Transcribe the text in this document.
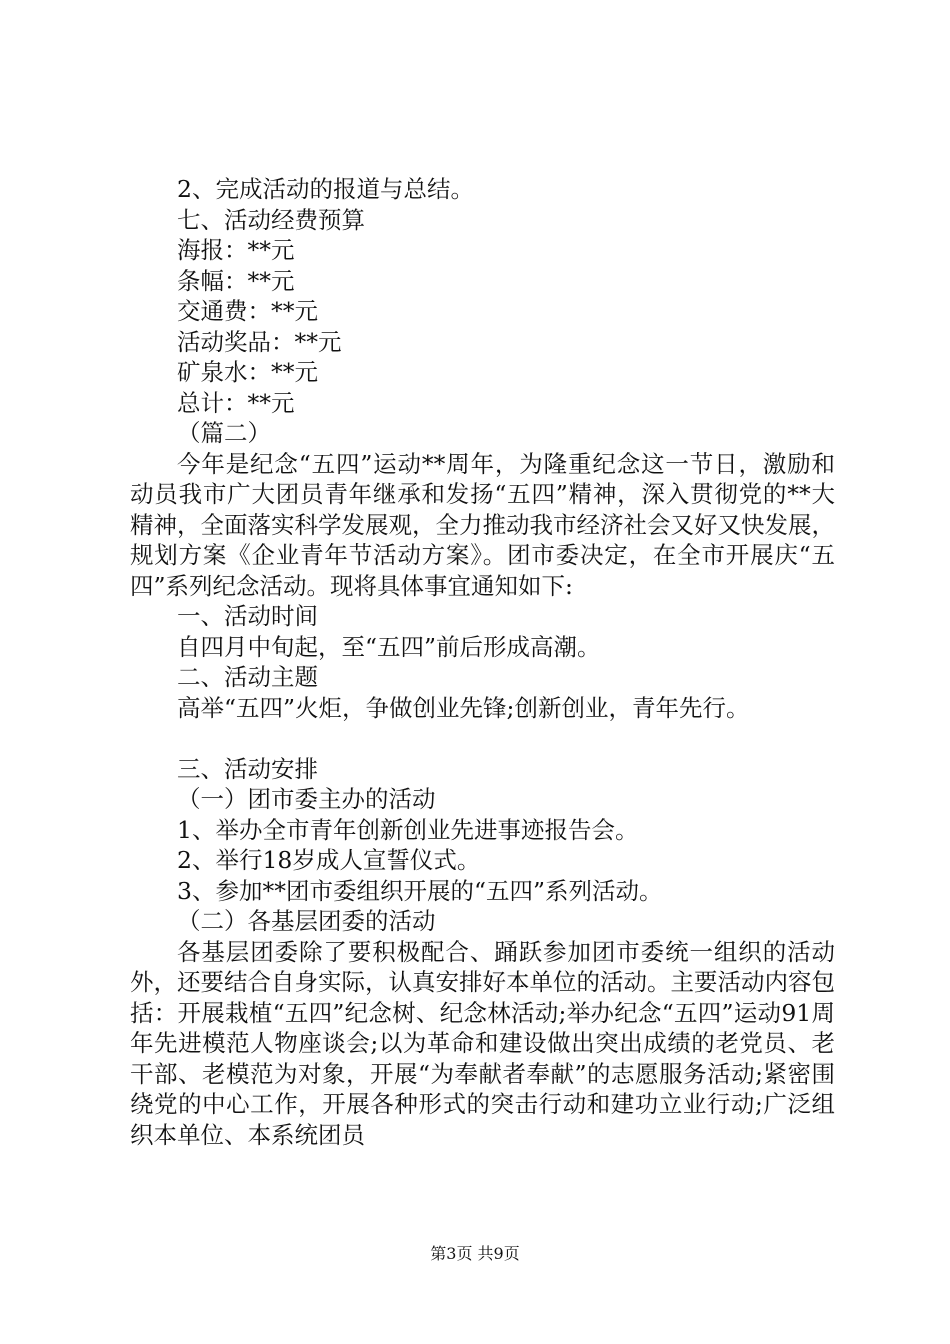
2、完成活动的报道与总结。
七、活动经费预算
海报：**元
条幅：**元
交通费：**元
活动奖品：**元
矿泉水：**元
总计：**元
（篇二）
今年是纪念“五四”运动**周年，为隆重纪念这一节日，激励和动员我市广大团员青年继承和发扬“五四”精神，深入贯彻党的**大精神，全面落实科学发展观，全力推动我市经济社会又好又快发展，规划方案《企业青年节活动方案》。团市委决定，在全市开展庆“五四”系列纪念活动。现将具体事宜通知如下:
一、活动时间
自四月中旬起，至“五四”前后形成高潮。
二、活动主题
高举“五四”火炬，争做创业先锋;创新创业，青年先行。
三、活动安排
（一）团市委主办的活动
1、举办全市青年创新创业先进事迹报告会。
2、举行18岁成人宣誓仪式。
3、参加**团市委组织开展的“五四”系列活动。
（二）各基层团委的活动
各基层团委除了要积极配合、踊跃参加团市委统一组织的活动外，还要结合自身实际，认真安排好本单位的活动。主要活动内容包括：开展栽植“五四”纪念树、纪念林活动;举办纪念“五四”运动91周年先进模范人物座谈会;以为革命和建设做出突出成绩的老党员、老干部、老模范为对象，开展“为奉献者奉献”的志愿服务活动;紧密围绕党的中心工作，开展各种形式的突击行动和建功立业行动;广泛组织本单位、本系统团员
第3页 共9页
